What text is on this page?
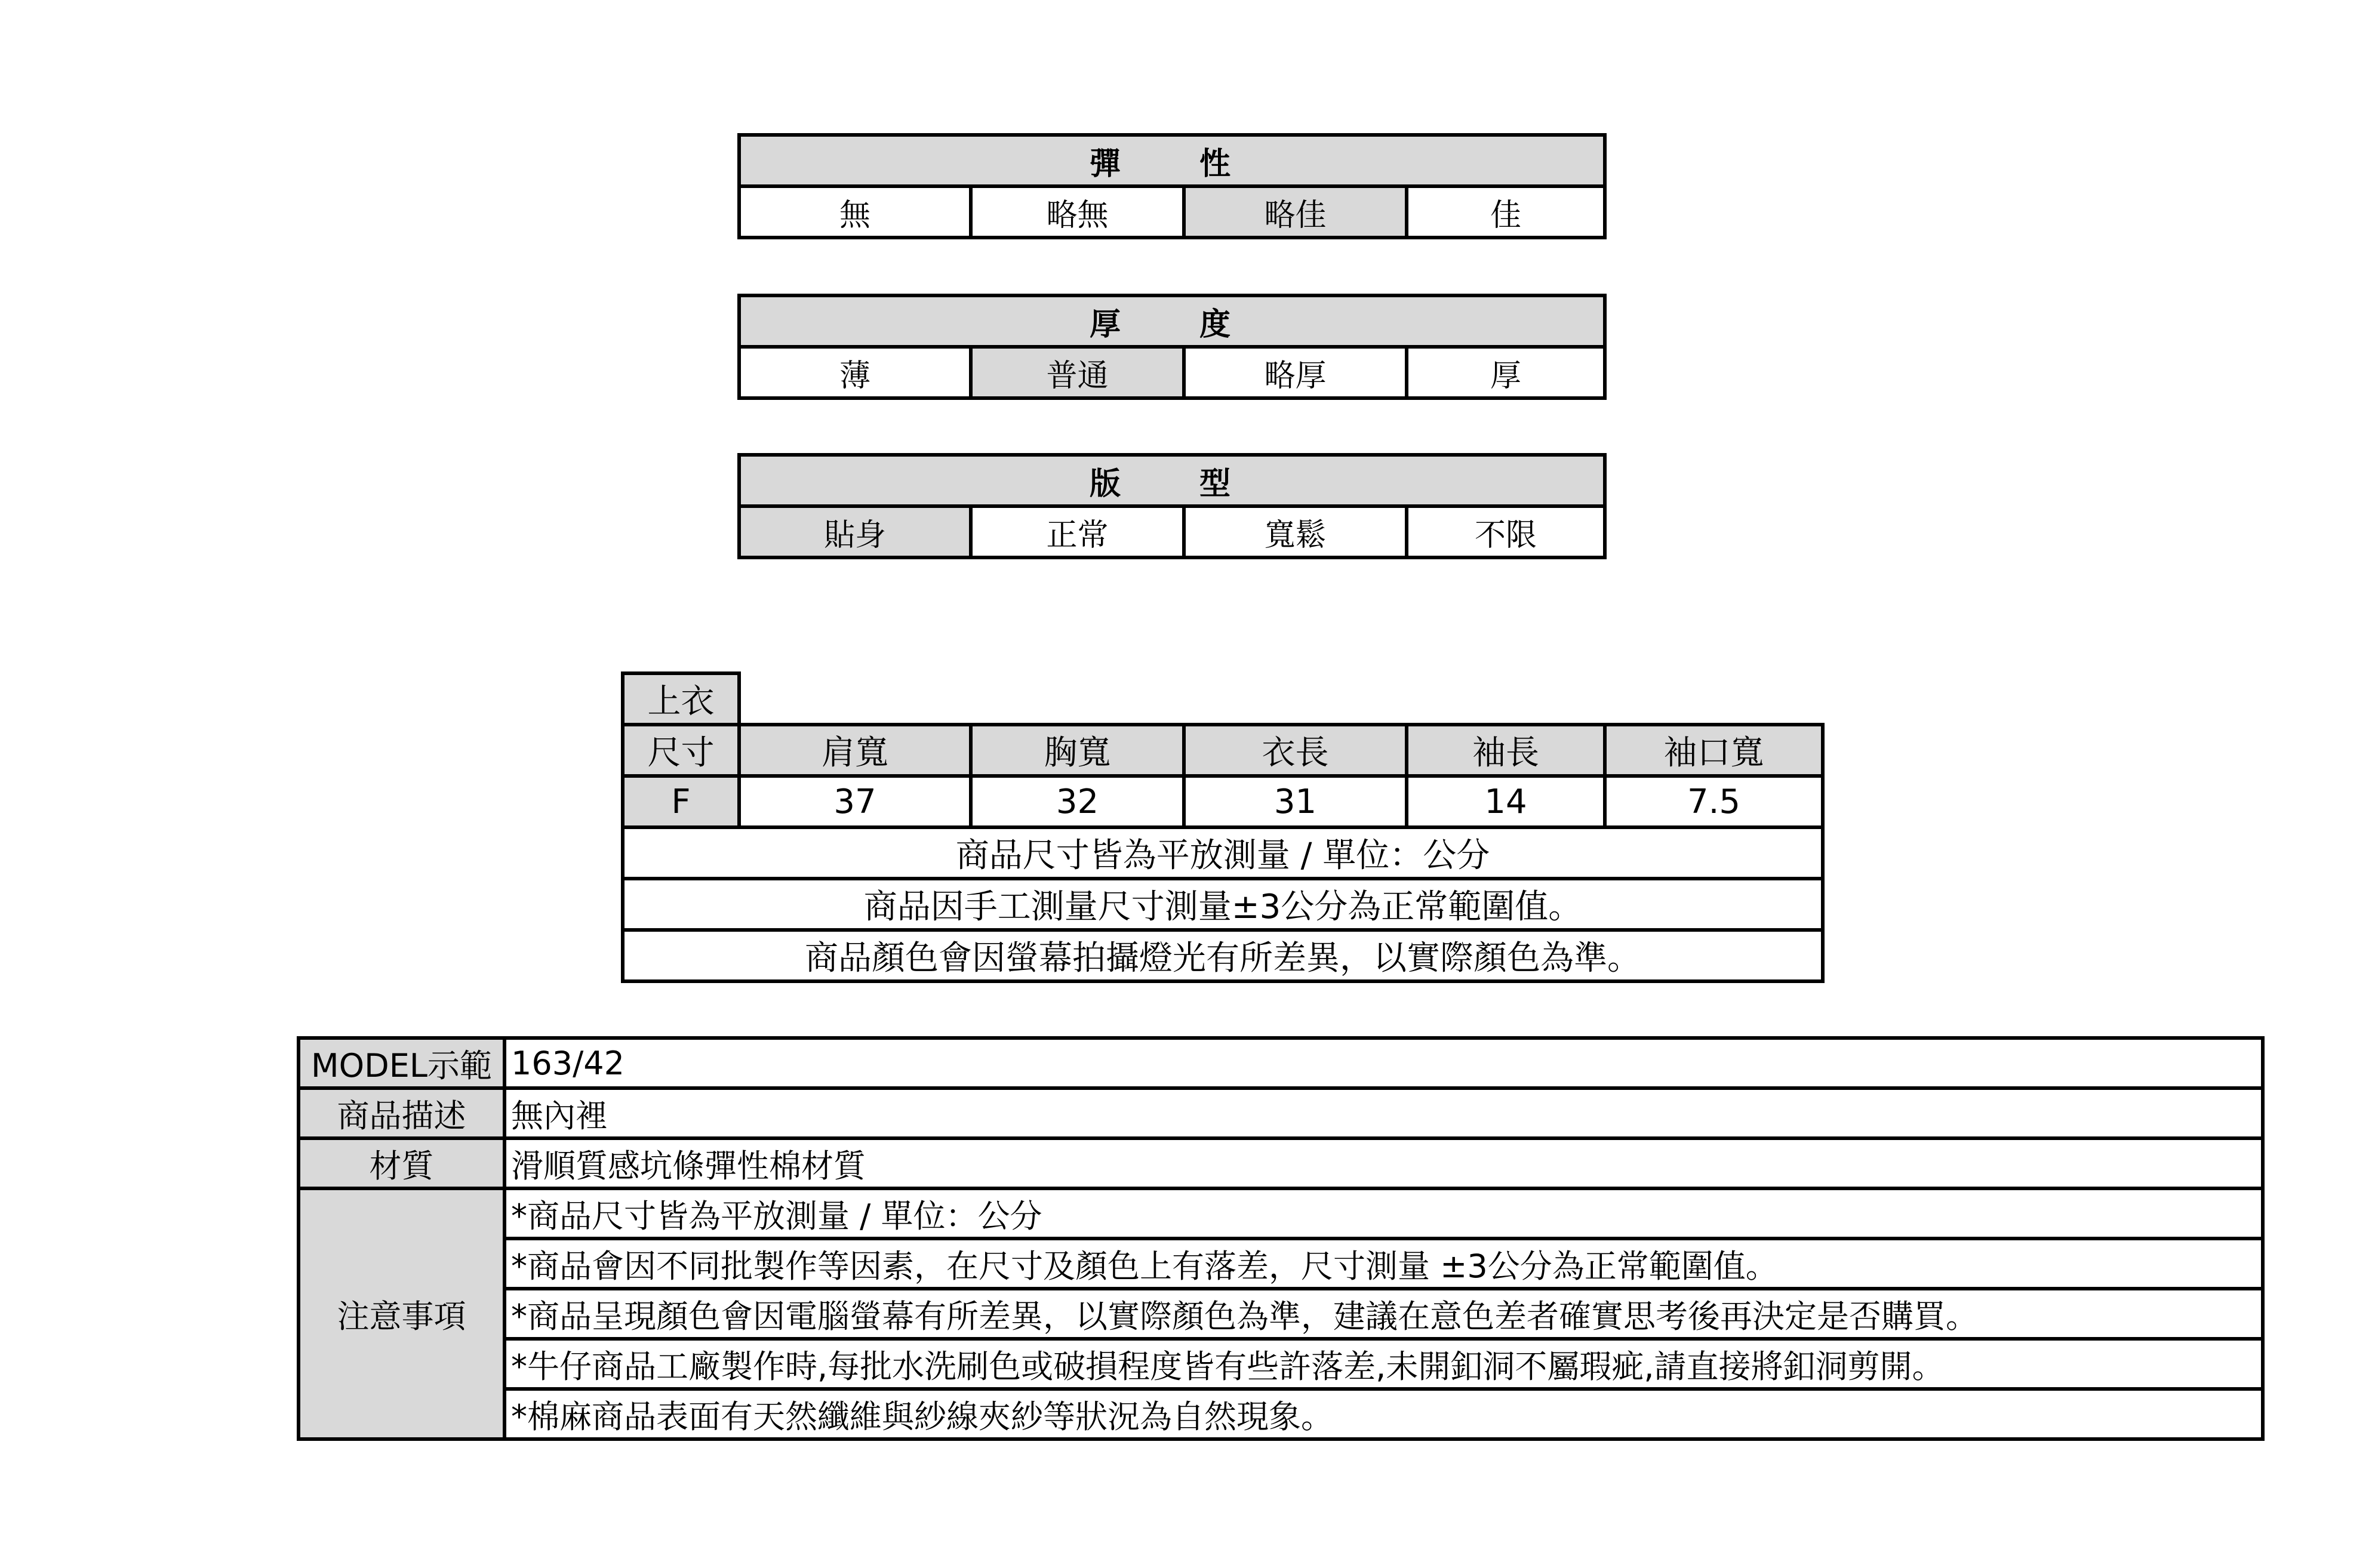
彈　性
無	略無	略佳	佳
厚　度
薄	普通	略厚	厚
版　型
貼身	正常	寬鬆	不限
上衣					
尺寸	肩寬	胸寬	衣長	袖長	袖口寬
F	37	32	31	14	7.5
商品尺寸皆為平放測量 / 單位：公分					
商品因手工測量尺寸測量±3公分為正常範圍值。					
商品顏色會因螢幕拍攝燈光有所差異，以實際顏色為準。					
MODEL示範	163/42
商品描述	無內裡
材質	滑順質感坑條彈性棉材質
注意事項	*商品尺寸皆為平放測量 / 單位：公分
	*商品會因不同批製作等因素，在尺寸及顏色上有落差，尺寸測量 ±3公分為正常範圍值。
	*商品呈現顏色會因電腦螢幕有所差異，以實際顏色為準，建議在意色差者確實思考後再決定是否購買。
	*牛仔商品工廠製作時,每批水洗刷色或破損程度皆有些許落差,未開釦洞不屬瑕疵,請直接將釦洞剪開。
	*棉麻商品表面有天然纖維與紗線夾紗等狀況為自然現象。
